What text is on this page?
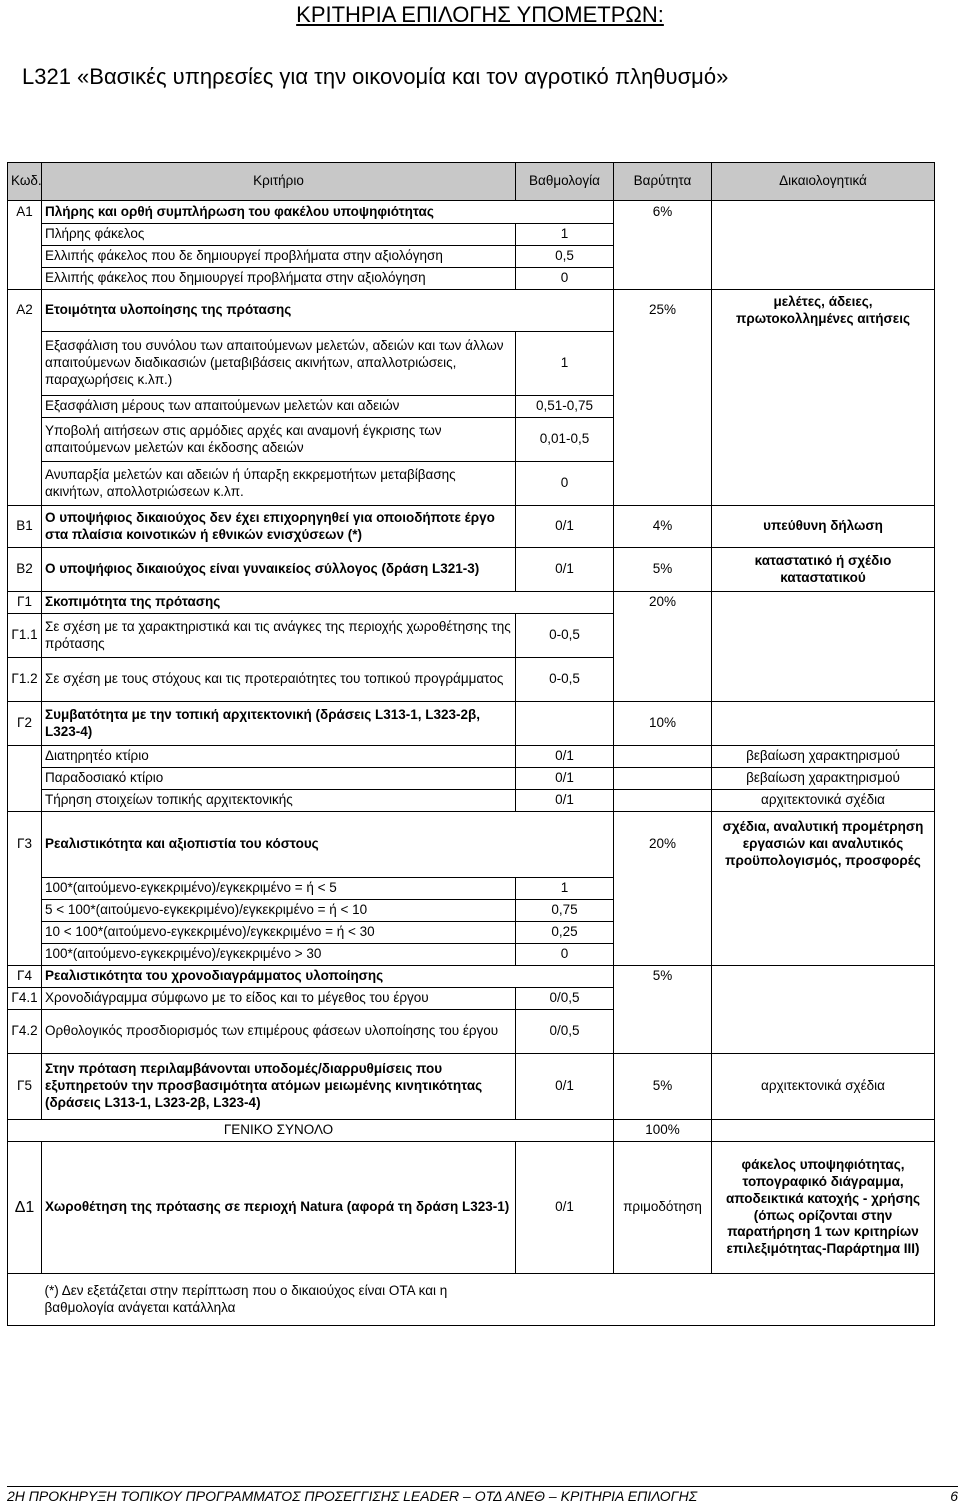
ΚΡΙΤΗΡΙΑ ΕΠΙΛΟΓΗΣ ΥΠΟΜΕΤΡΩΝ:
L321 «Βασικές υπηρεσίες για την οικονομία και τον αγροτικό πληθυσμό»
Κωδ.	Κριτήριο	Βαθμολογία	Βαρύτητα	Δικαιολογητικά
Α1	Πλήρης και ορθή συμπλήρωση του φακέλου υποψηφιότητας		6%	
	Πλήρης φάκελος	1		
	Ελλιπής φάκελος που δε δημιουργεί προβλήματα στην αξιολόγηση	0,5		
	Ελλιπής φάκελος που δημιουργεί προβλήματα στην αξιολόγηση	0		
Α2	Ετοιμότητα υλοποίησης της πρότασης		25%	μελέτες, άδειες, πρωτοκολλημένες αιτήσεις
	Εξασφάλιση του συνόλου των απαιτούμενων μελετών, αδειών και των άλλων απαιτούμενων διαδικασιών (μεταβιβάσεις ακινήτων, απαλλοτριώσεις, παραχωρήσεις κ.λπ.)	1		
	Εξασφάλιση μέρους των απαιτούμενων μελετών και αδειών	0,51-0,75		
	Υποβολή αιτήσεων στις αρμόδιες αρχές και αναμονή έγκρισης των απαιτούμενων μελετών και έκδοσης αδειών	0,01-0,5		
	Ανυπαρξία μελετών και αδειών ή ύπαρξη εκκρεμοτήτων μεταβίβασης ακινήτων, απολλοτριώσεων κ.λπ.	0		
Β1	Ο υποψήφιος δικαιούχος δεν έχει επιχορηγηθεί για οποιοδήποτε έργο στα πλαίσια κοινοτικών ή εθνικών ενισχύσεων (*)	0/1	4%	υπεύθυνη δήλωση
Β2	Ο υποψήφιος δικαιούχος είναι γυναικείος σύλλογος (δράση L321-3)	0/1	5%	καταστατικό ή σχέδιο καταστατικού
Γ1	Σκοπιμότητα της πρότασης		20%	
Γ1.1	Σε σχέση με τα χαρακτηριστικά και τις ανάγκες της περιοχής χωροθέτησης της πρότασης	0-0,5		
Γ1.2	Σε σχέση με τους στόχους και τις προτεραιότητες του τοπικού προγράμματος	0-0,5		
Γ2	Συμβατότητα με την τοπική αρχιτεκτονική (δράσεις L313-1, L323-2β, L323-4)		10%	
	Διατηρητέο κτίριο	0/1		βεβαίωση χαρακτηρισμού
	Παραδοσιακό κτίριο	0/1		βεβαίωση χαρακτηρισμού
	Τήρηση στοιχείων τοπικής αρχιτεκτονικής	0/1		αρχιτεκτονικά σχέδια
Γ3	Ρεαλιστικότητα και αξιοπιστία του κόστους		20%	σχέδια, αναλυτική προμέτρηση εργασιών και αναλυτικός προϋπολογισμός, προσφορές
	100*(αιτούμενο-εγκεκριμένο)/εγκεκριμένο = ή < 5	1		
	5 < 100*(αιτούμενο-εγκεκριμένο)/εγκεκριμένο = ή < 10	0,75		
	10 < 100*(αιτούμενο-εγκεκριμένο)/εγκεκριμένο = ή < 30	0,25		
	100*(αιτούμενο-εγκεκριμένο)/εγκεκριμένο > 30	0		
Γ4	Ρεαλιστικότητα του χρονοδιαγράμματος υλοποίησης		5%	
Γ4.1	Χρονοδιάγραμμα σύμφωνο με το είδος και το μέγεθος του έργου	0/0,5		
Γ4.2	Ορθολογικός προσδιορισμός των επιμέρους φάσεων υλοποίησης του έργου	0/0,5		
Γ5	Στην πρόταση περιλαμβάνονται υποδομές/διαρρυθμίσεις που εξυπηρετούν την προσβασιμότητα ατόμων μειωμένης κινητικότητας (δράσεις L313-1, L323-2β, L323-4)	0/1	5%	αρχιτεκτονικά σχέδια
	ΓΕΝΙΚΟ ΣΥΝΟΛΟ		100%	
Δ1	Χωροθέτηση της πρότασης σε περιοχή Natura (αφορά τη δράση L323-1)	0/1	πριμοδότηση	φάκελος υποψηφιότητας, τοπογραφικό διάγραμμα, αποδεικτικά κατοχής - χρήσης (όπως ορίζονται στην παρατήρηση 1 των κριτηρίων επιλεξιμότητας-Παράρτημα III)
	(*) Δεν εξετάζεται στην περίπτωση που ο δικαιούχος είναι ΟΤΑ και η βαθμολογία ανάγεται κατάλληλα			
2Η ΠΡΟΚΗΡΥΞΗ ΤΟΠΙΚΟΥ ΠΡΟΓΡΑΜΜΑΤΟΣ ΠΡΟΣΕΓΓΙΣΗΣ LEADER – ΟΤΔ ΑΝΕΘ – ΚΡΙΤΗΡΙΑ ΕΠΙΛΟΓΗΣ	6
